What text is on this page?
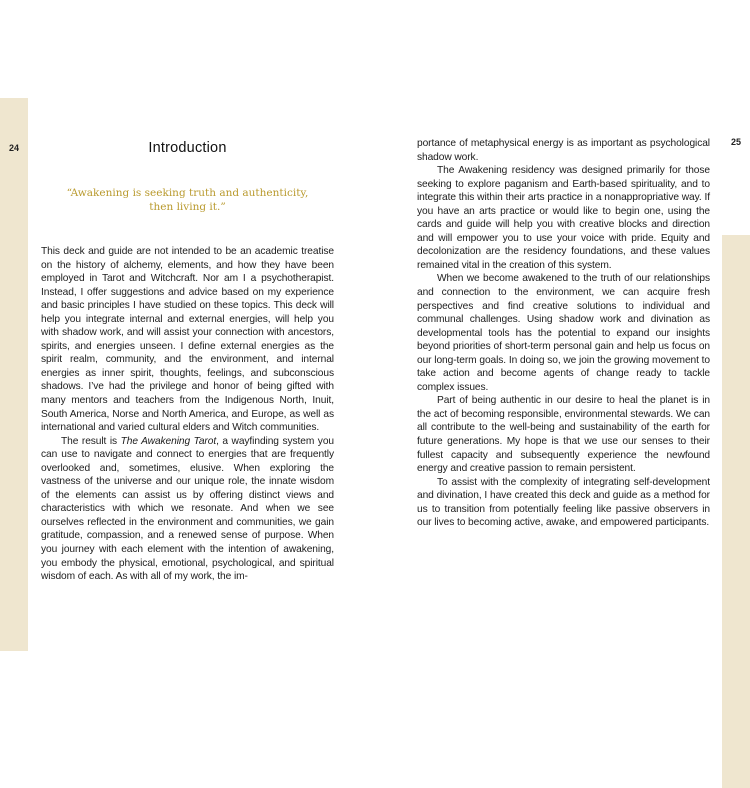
24
25
Introduction
“Awakening is seeking truth and authenticity,
then living it.”

This deck and guide are not intended to be an academic treatise on the history of alchemy, elements, and how they have been employed in Tarot and Witchcraft. Nor am I a psychotherapist. Instead, I offer suggestions and advice based on my experience and basic principles I have studied on these topics. This deck will help you integrate internal and external energies, will help you with shadow work, and will assist your connection with ancestors, spirits, and energies unseen. I define external energies as the spirit realm, community, and the environment, and internal energies as inner spirit, thoughts, feelings, and subconscious shadows. I’ve had the privilege and honor of being gifted with many mentors and teachers from the Indigenous North, Inuit, South America, Norse and North America, and Europe, as well as international and varied cultural elders and Witch communities.

The result is The Awakening Tarot, a wayfinding system you can use to navigate and connect to energies that are frequently overlooked and, sometimes, elusive. When exploring the vastness of the universe and our unique role, the innate wisdom of the elements can assist us by offering distinct views and characteristics with which we resonate. And when we see ourselves reflected in the environment and communities, we gain gratitude, compassion, and a renewed sense of purpose. When you journey with each element with the intention of awakening, you embody the physical, emotional, psychological, and spiritual wisdom of each. As with all of my work, the im-

portance of metaphysical energy is as important as psychological shadow work.

The Awakening residency was designed primarily for those seeking to explore paganism and Earth-based spirituality, and to integrate this within their arts practice in a nonappropriative way. If you have an arts practice or would like to begin one, using the cards and guide will help you with creative blocks and direction and will empower you to use your voice with pride. Equity and decolonization are the residency foundations, and these values remained vital in the creation of this system.

When we become awakened to the truth of our relationships and connection to the environment, we can acquire fresh perspectives and find creative solutions to individual and communal challenges. Using shadow work and divination as developmental tools has the potential to expand our insights beyond priorities of short-term personal gain and help us focus on our long-term goals. In doing so, we join the growing movement to take action and become agents of change ready to tackle complex issues.

Part of being authentic in our desire to heal the planet is in the act of becoming responsible, environmental stewards. We can all contribute to the well-being and sustainability of the earth for future generations. My hope is that we use our senses to their fullest capacity and subsequently experience the newfound energy and creative passion to remain persistent.

To assist with the complexity of integrating self-development and divination, I have created this deck and guide as a method for us to transition from potentially feeling like passive observers in our lives to becoming active, awake, and empowered participants.
